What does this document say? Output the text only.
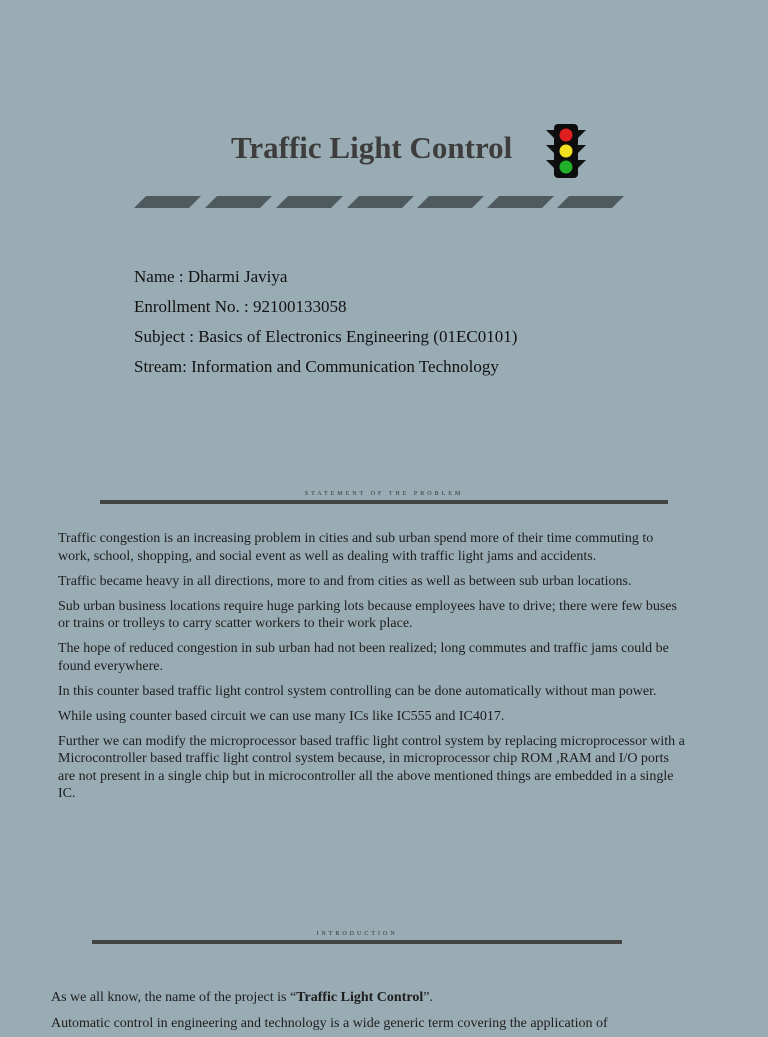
Traffic Light Control
Name : Dharmi Javiya
Enrollment No. : 92100133058
Subject : Basics of Electronics Engineering (01EC0101)
Stream: Information and Communication Technology
STATEMENT OF THE PROBLEM

Traffic congestion is an increasing problem in cities and sub urban spend more of their time commuting to work, school, shopping, and social event as well as dealing with traffic light jams and accidents.

Traffic became heavy in all directions, more to and from cities as well as between sub urban locations.

Sub urban business locations require huge parking lots because employees have to drive; there were few buses or trains or trolleys to carry scatter workers to their work place.

The hope of reduced congestion in sub urban had not been realized; long commutes and traffic jams could be found everywhere.

In this counter based traffic light control system controlling can be done automatically without man power.

While using counter based circuit we can use many ICs like IC555 and IC4017.

Further we can modify the microprocessor based traffic light control system by replacing microprocessor with a Microcontroller based traffic light control system because, in microprocessor chip ROM ,RAM and I/O ports are not present in a single chip but in microcontroller all the above mentioned things are embedded in a single IC.

INTRODUCTION

As we all know, the name of the project is “Traffic Light Control”.

Automatic control in engineering and technology is a wide generic term covering the application of
